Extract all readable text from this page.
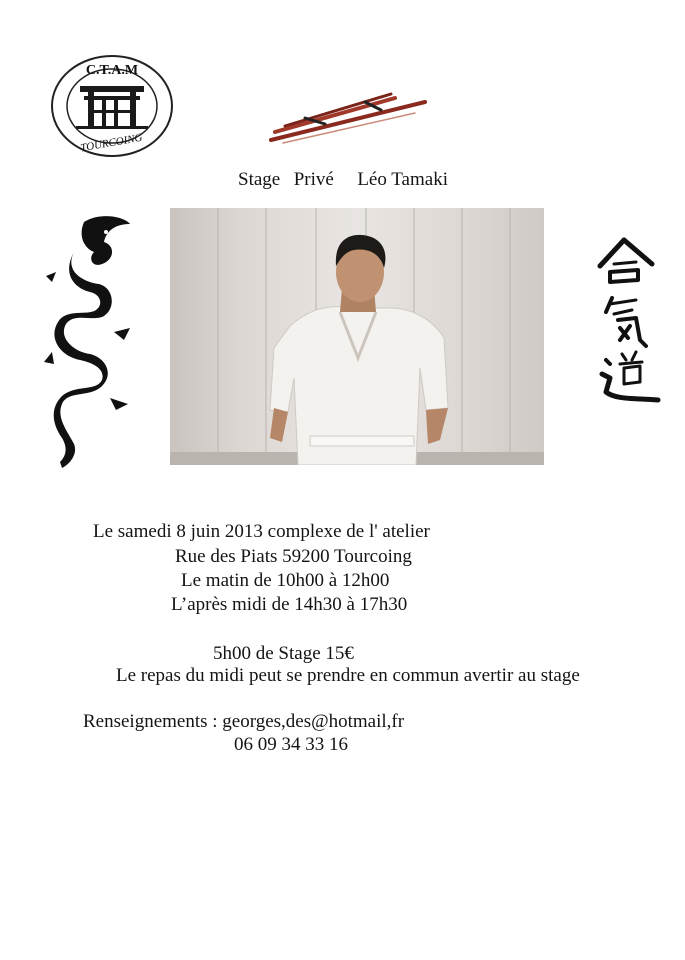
C.T.A.M
TOURCOING
Stage Privé Léo Tamaki
Le samedi 8 juin 2013 complexe de l' atelier
Rue des Piats 59200 Tourcoing
Le matin de 10h00 à 12h00
L’après midi de 14h30 à 17h30
5h00 de Stage 15€
Le repas du midi peut se prendre en commun avertir au stage
Renseignements : georges,des@hotmail,fr
06 09 34 33 16
